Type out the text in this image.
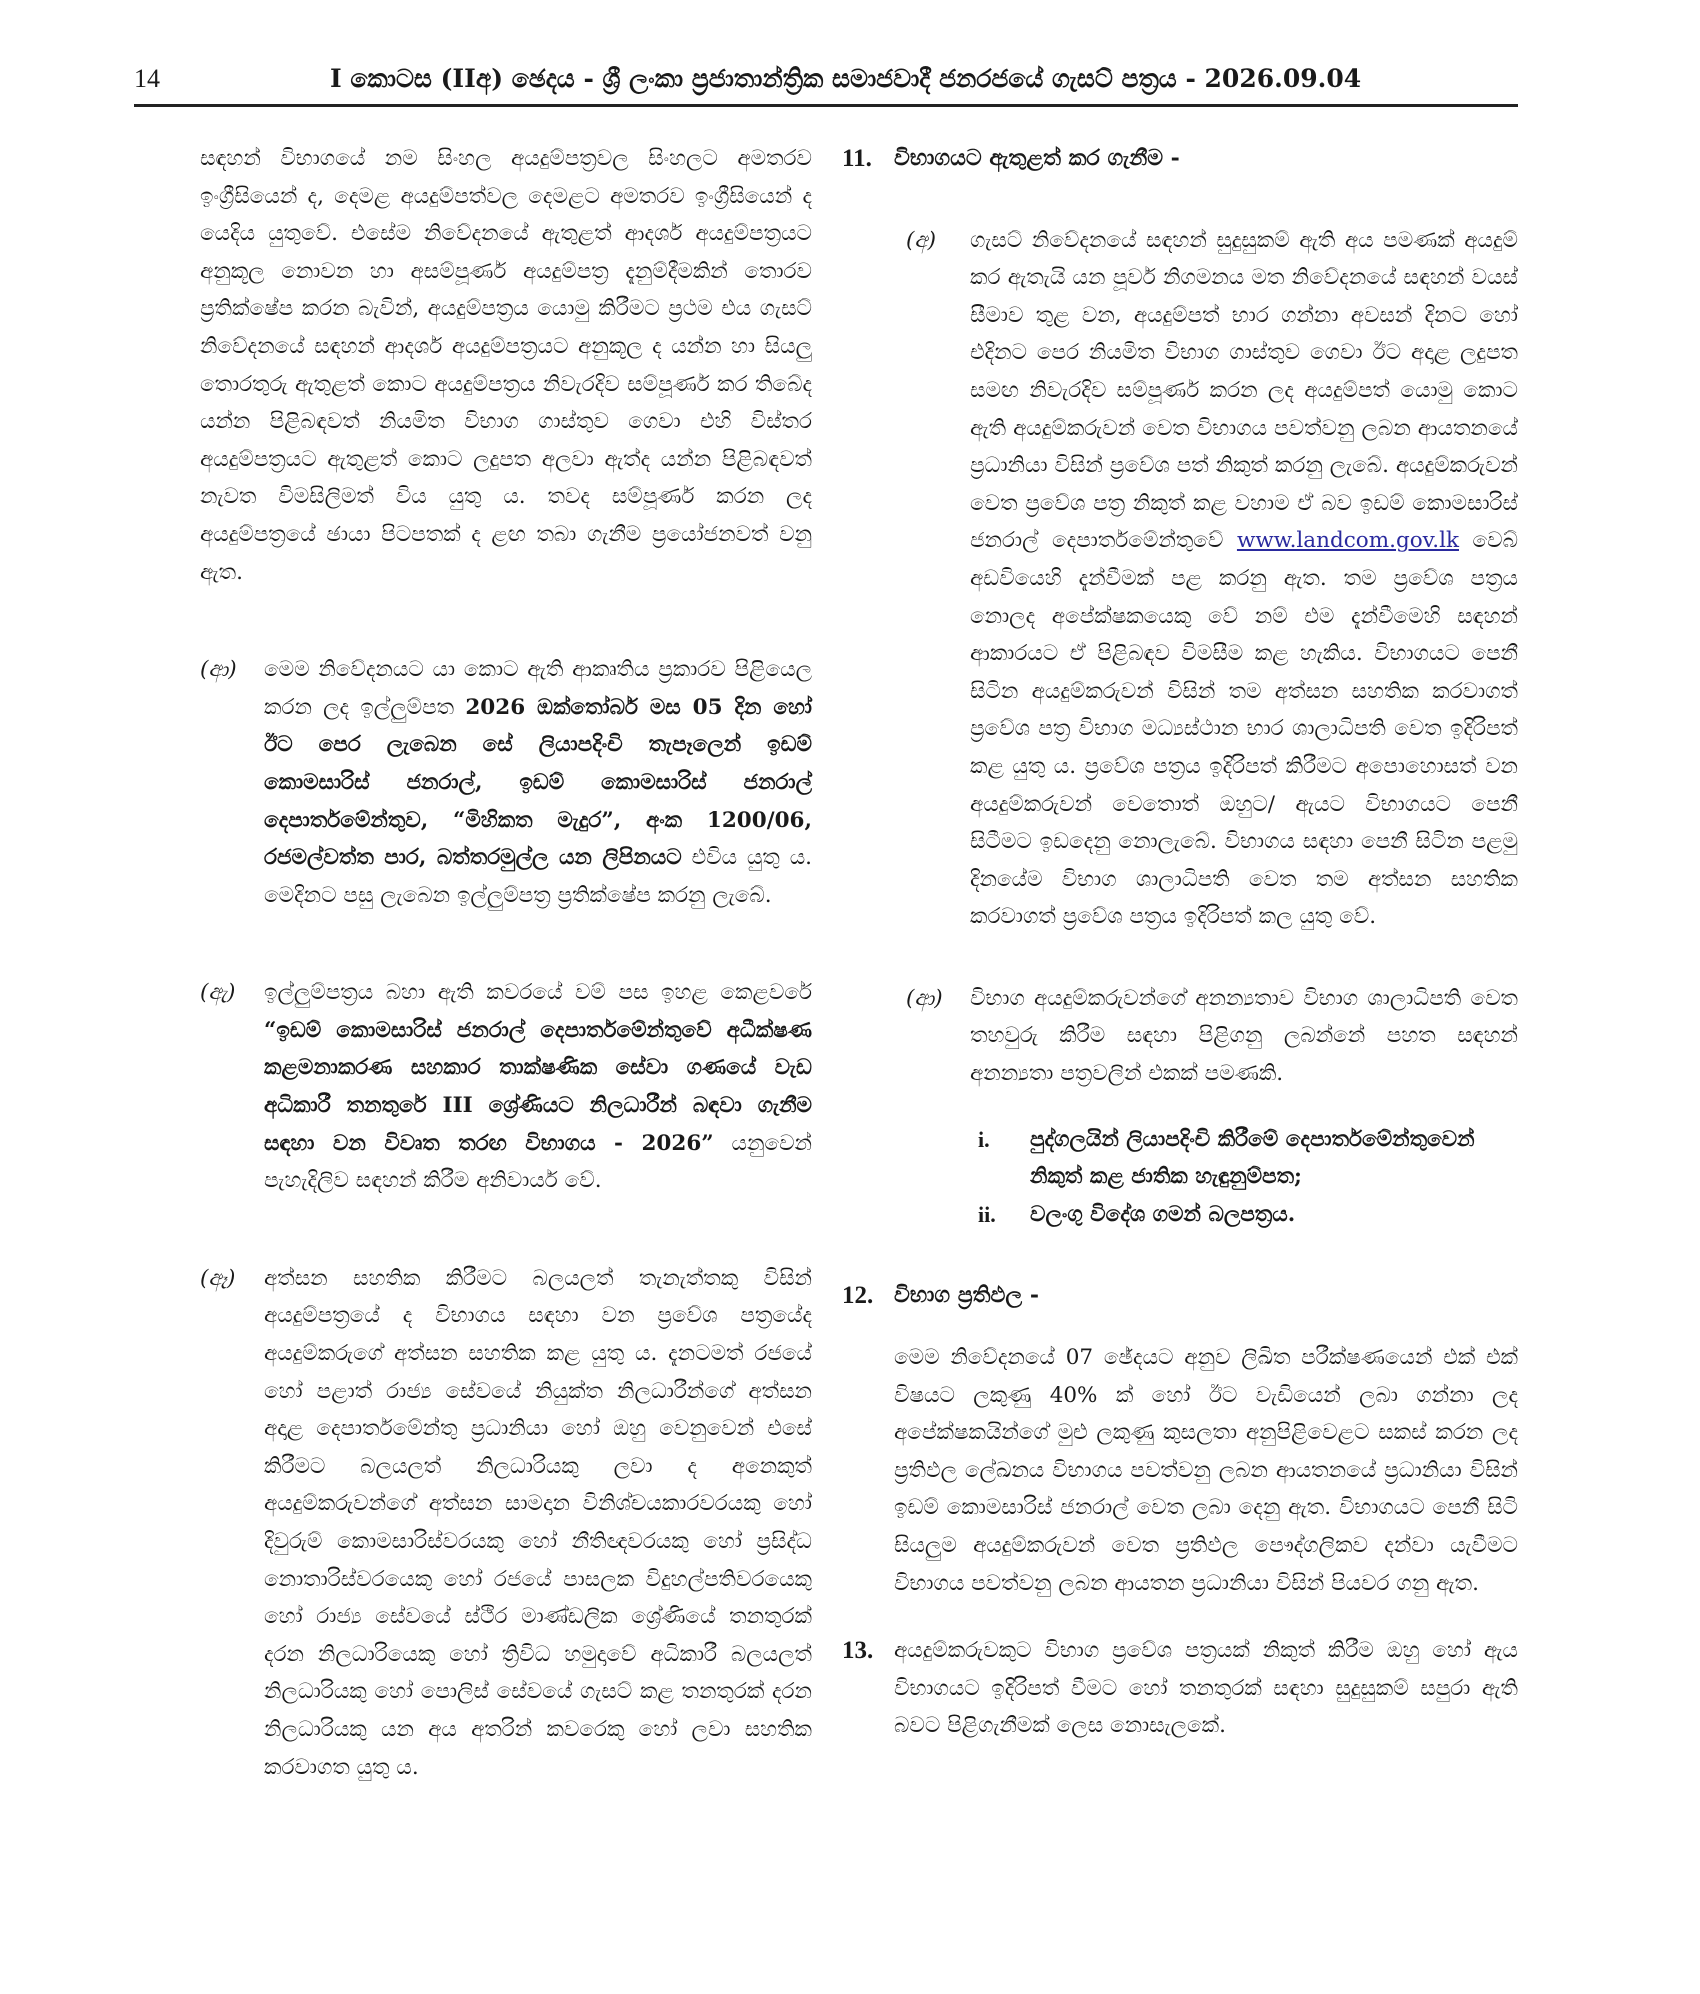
14	I කොටස (IIඅ) ඡෙදය - ශ්‍රී ලංකා ප්‍රජාතාන්ත්‍රික සමාජවාදී ජනරජයේ ගැසට් පත්‍රය - 2026.09.04

සඳහන් විභාගයේ නම සිංහල අයදුම්පත්‍රවල සිංහලට අමතරව ඉංග්‍රීසියෙන් ද, දෙමළ අයදුම්පත්වල දෙමළට අමතරව ඉංග්‍රීසියෙන් ද යෙදිය යුතුවේ. එසේම නිවේදනයේ ඇතුළත් ආදර්ශ අයදුම්පත්‍රයට අනුකූල නොවන හා අසම්පූර්ණ අයදුම්පත්‍ර දැනුම්දීමකින් තොරව ප්‍රතික්ෂේප කරන බැවින්, අයදුම්පත්‍රය යොමු කිරීමට ප්‍රථම එය ගැසට් නිවේදනයේ සඳහන් ආදර්ශ අයදුම්පත්‍රයට අනුකූල ද යන්න හා සියලු තොරතුරු ඇතුළත් කොට අයදුම්පත්‍රය නිවැරදිව සම්පූර්ණ කර තිබේද යන්න පිළිබඳවත් නියමිත විභාග ගාස්තුව ගෙවා එහි විස්තර අයදුම්පත්‍රයට ඇතුළත් කොට ලදුපත අලවා ඇත්ද යන්න පිළිබඳවත් නැවත විමසිලිමත් විය යුතු ය. තවද සම්පූර්ණ කරන ලද අයදුම්පත්‍රයේ ඡායා පිටපතක් ද ළඟ තබා ගැනීම ප්‍රයෝජනවත් වනු ඇත.

(ආ) මෙම නිවේදනයට යා කොට ඇති ආකෘතිය ප්‍රකාරව පිළියෙල කරන ලද ඉල්ලුම්පත 2026 ඔක්තෝබර් මස 05 දින හෝ ඊට පෙර ලැබෙන සේ ලියාපදිංචි තැපෑලෙන් ඉඩම් කොමසාරිස් ජනරාල්, ඉඩම් කොමසාරිස් ජනරාල් දෙපාර්තමේන්තුව, “මිහිකත මැදුර”, අංක 1200/06, රජමල්වත්ත පාර, බත්තරමුල්ල යන ලිපිනයට එවිය යුතු ය. මෙදිනට පසු ලැබෙන ඉල්ලුම්පත්‍ර ප්‍රතික්ෂේප කරනු ලැබේ.

(ඇ) ඉල්ලුම්පත්‍රය බහා ඇති කවරයේ වම් පස ඉහළ කෙළවරේ “ඉඩම් කොමසාරිස් ජනරාල් දෙපාර්තමේන්තුවේ අධීක්ෂණ කළමනාකරණ සහකාර තාක්ෂණික සේවා ගණයේ වැඩ අධිකාරී තනතුරේ III ශ්‍රේණියට නිලධාරීන් බඳවා ගැනීම සඳහා වන විවෘත තරඟ විභාගය - 2026” යනුවෙන් පැහැදිලිව සඳහන් කිරීම අනිවාර්ය වේ.

(ඈ) අත්සන සහතික කිරීමට බලයලත් තැනැත්තකු විසින් අයදුම්පත්‍රයේ ද විභාගය සඳහා වන ප්‍රවේශ පත්‍රයේද අයදුම්කරුගේ අත්සන සහතික කළ යුතු ය. දැනටමත් රජයේ හෝ පළාත් රාජ්‍ය සේවයේ නියුක්ත නිලධාරීන්ගේ අත්සන අදාළ දෙපාර්තමේන්තු ප්‍රධානියා හෝ ඔහු වෙනුවෙන් එසේ කිරීමට බලයලත් නිලධාරියකු ලවා ද අනෙකුත් අයදුම්කරුවන්ගේ අත්සන සාමදාන විනිශ්චයකාරවරයකු හෝ දිවුරුම් කොමසාරිස්වරයකු හෝ නීතිඥවරයකු හෝ ප්‍රසිද්ධ නොතාරිස්වරයෙකු හෝ රජයේ පාසලක විදුහල්පතිවරයෙකු හෝ රාජ්‍ය සේවයේ ස්ථිර මාණ්ඩලික ශ්‍රේණියේ තනතුරක් දරන නිලධාරියෙකු හෝ ත්‍රිවිධ හමුදාවේ අධිකාරී බලයලත් නිලධාරියකු හෝ පොලිස් සේවයේ ගැසට් කළ තනතුරක් දරන නිලධාරියකු යන අය අතරින් කවරෙකු හෝ ලවා සහතික කරවාගත යුතු ය.

11. විභාගයට ඇතුළත් කර ගැනීම -
(අ) ගැසට් නිවේදනයේ සඳහන් සුදුසුකම් ඇති අය පමණක් අයදුම් කර ඇතැයි යන පූර්ව නිගමනය මත නිවේදනයේ සඳහන් වයස් සීමාව තුළ වන, අයදුම්පත් භාර ගන්නා අවසන් දිනට හෝ එදිනට පෙර නියමිත විභාග ගාස්තුව ගෙවා ඊට අදාළ ලදුපත සමඟ නිවැරදිව සම්පූර්ණ කරන ලද අයදුම්පත් යොමු කොට ඇති අයදුම්කරුවන් වෙත විභාගය පවත්වනු ලබන ආයතනයේ ප්‍රධානියා විසින් ප්‍රවේශ පත් නිකුත් කරනු ලැබේ. අයදුම්කරුවන් වෙත ප්‍රවේශ පත්‍ර නිකුත් කළ වහාම ඒ බව ඉඩම් කොමසාරිස් ජනරාල් දෙපාර්තමේන්තුවේ www.landcom.gov.lk වෙබ් අඩවියෙහි දැන්වීමක් පළ කරනු ඇත. තම ප්‍රවේශ පත්‍රය නොලද අපේක්ෂකයෙකු වේ නම් එම දැන්වීමෙහි සඳහන් ආකාරයට ඒ පිළිබඳව විමසීම කළ හැකිය. විභාගයට පෙනී සිටින අයදුම්කරුවන් විසින් තම අත්සන සහතික කරවාගත් ප්‍රවේශ පත්‍ර විභාග මධ්‍යස්ථාන භාර ශාලාධිපති වෙත ඉදිරිපත් කළ යුතු ය. ප්‍රවේශ පත්‍රය ඉදිරිපත් කිරීමට අපොහොසත් වන අයදුම්කරුවන් වෙතොත් ඔහුට/ ඇයට විභාගයට පෙනී සිටීමට ඉඩදෙනු නොලැබේ. විභාගය සඳහා පෙනී සිටින පළමු දිනයේම විභාග ශාලාධිපති වෙත තම අත්සන සහතික කරවාගත් ප්‍රවේශ පත්‍රය ඉදිරිපත් කල යුතු වේ.

(ආ) විභාග අයදුම්කරුවන්ගේ අනන්‍යතාව විභාග ශාලාධිපති වෙත තහවුරු කිරීම සඳහා පිළිගනු ලබන්නේ පහත සඳහන් අනන්‍යතා පත්‍රවලින් එකක් පමණකි.

i. පුද්ගලයින් ලියාපදිංචි කිරීමේ දෙපාර්තමේන්තුවෙන් නිකුත් කළ ජාතික හැඳුනුම්පත;
ii. වලංගු විදේශ ගමන් බලපත්‍රය.
12. විභාග ප්‍රතිඵල -

මෙම නිවේදනයේ 07 ඡේදයට අනුව ලිඛිත පරීක්ෂණයෙන් එක් එක් විෂයට ලකුණු 40% ක් හෝ ඊට වැඩියෙන් ලබා ගන්නා ලද අපේක්ෂකයින්ගේ මුළු ලකුණු කුසලතා අනුපිළිවෙළට සකස් කරන ලද ප්‍රතිඵල ලේඛනය විභාගය පවත්වනු ලබන ආයතනයේ ප්‍රධානියා විසින් ඉඩම් කොමසාරිස් ජනරාල් වෙත ලබා දෙනු ඇත. විභාගයට පෙනී සිටි සියලුම අයදුම්කරුවන් වෙත ප්‍රතිඵල පෞද්ගලිකව දන්වා යැවීමට විභාගය පවත්වනු ලබන ආයතන ප්‍රධානියා විසින් පියවර ගනු ඇත.

13. අයදුම්කරුවකුට විභාග ප්‍රවේශ පත්‍රයක් නිකුත් කිරීම ඔහු හෝ ඇය විභාගයට ඉදිරිපත් වීමට හෝ තනතුරක් සඳහා සුදුසුකම් සපුරා ඇති බවට පිළිගැනීමක් ලෙස නොසැලකේ.
